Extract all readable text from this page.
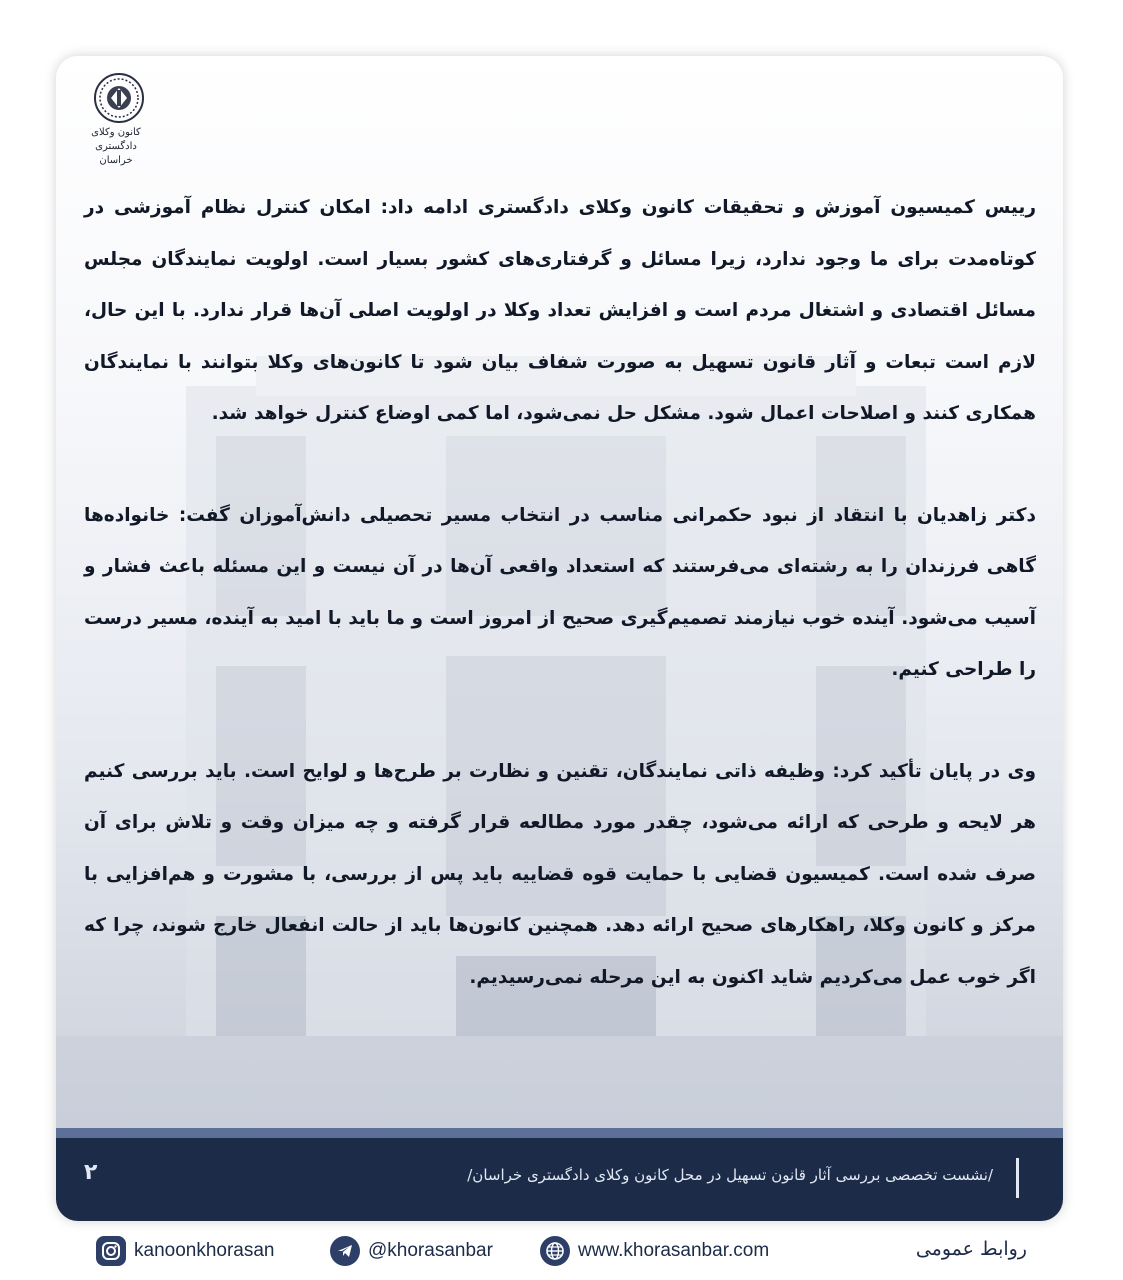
کانون وکلای دادگستری
خراسان

رییس کمیسیون آموزش و تحقیقات کانون وکلای دادگستری ادامه داد: امکان کنترل نظام آموزشی در کوتاه‌مدت برای ما وجود ندارد، زیرا مسائل و گرفتاری‌های کشور بسیار است. اولویت نمایندگان مجلس مسائل اقتصادی و اشتغال مردم است و افزایش تعداد وکلا در اولویت اصلی آن‌ها قرار ندارد. با این حال، لازم است تبعات و آثار قانون تسهیل به صورت شفاف بیان شود تا کانون‌های وکلا بتوانند با نمایندگان همکاری کنند و اصلاحات اعمال شود. مشکل حل نمی‌شود، اما کمی اوضاع کنترل خواهد شد.

دکتر زاهدیان با انتقاد از نبود حکمرانی مناسب در انتخاب مسیر تحصیلی دانش‌آموزان گفت: خانواده‌ها گاهی فرزندان را به رشته‌ای می‌فرستند که استعداد واقعی آن‌ها در آن نیست و این مسئله باعث فشار و آسیب می‌شود. آینده خوب نیازمند تصمیم‌گیری صحیح از امروز است و ما باید با امید به آینده، مسیر درست را طراحی کنیم.

وی در پایان تأکید کرد: وظیفه ذاتی نمایندگان، تقنین و نظارت بر طرح‌ها و لوایح است. باید بررسی کنیم هر لایحه و طرحی که ارائه می‌شود، چقدر مورد مطالعه قرار گرفته و چه میزان وقت و تلاش برای آن صرف شده است. کمیسیون قضایی با حمایت قوه قضاییه باید پس از بررسی، با مشورت و هم‌افزایی با مرکز و کانون وکلا، راهکارهای صحیح ارائه دهد. همچنین کانون‌ها باید از حالت انفعال خارج شوند، چرا که اگر خوب عمل می‌کردیم شاید اکنون به این مرحله نمی‌رسیدیم.

/نشست تخصصی بررسی آثار قانون تسهیل در محل کانون وکلای دادگستری خراسان/
۲
kanoonkhorasan	@khorasanbar	www.khorasanbar.com	روابط عمومی
